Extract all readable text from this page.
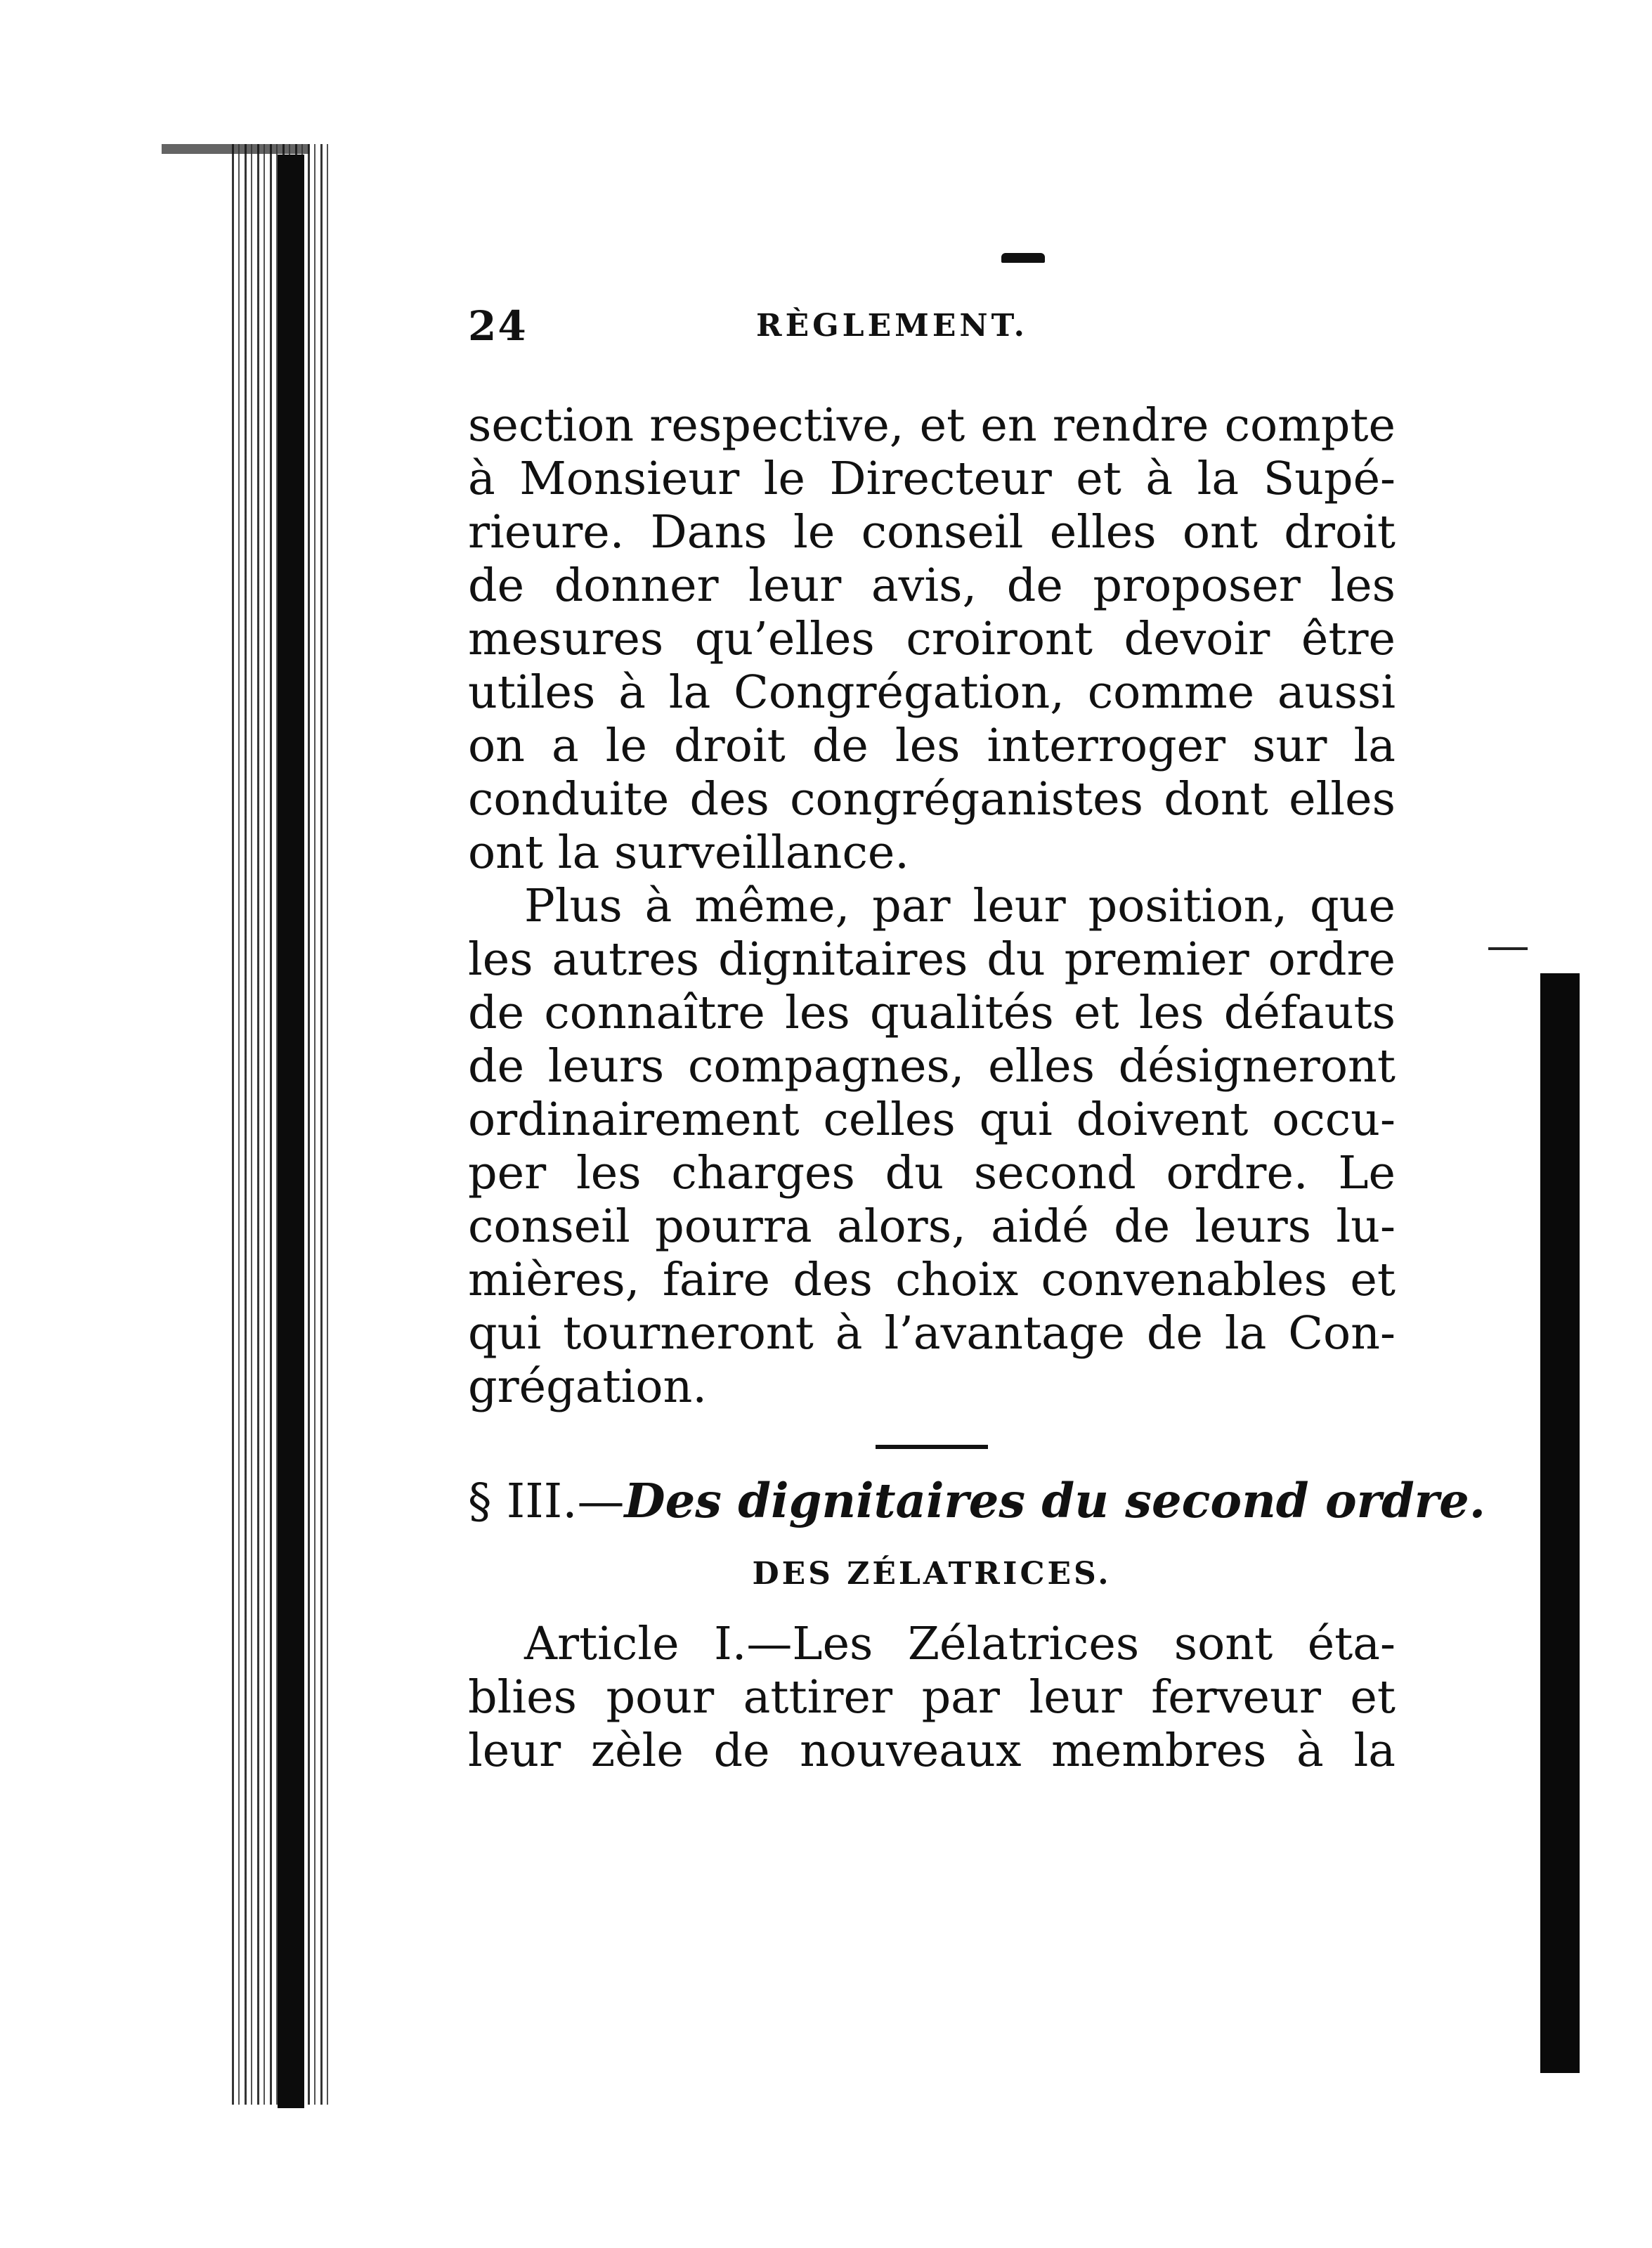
24	RÈGLEMENT.
section respective, et en rendre compte
à Monsieur le Directeur et à la Supé-
rieure. Dans le conseil elles ont droit
de donner leur avis, de proposer les
mesures qu’elles croiront devoir être
utiles à la Congrégation, comme aussi
on a le droit de les interroger sur la
conduite des congréganistes dont elles
ont la surveillance.
Plus à même, par leur position, que
les autres dignitaires du premier ordre
de connaître les qualités et les défauts
de leurs compagnes, elles désigneront
ordinairement celles qui doivent occu-
per les charges du second ordre. Le
conseil pourra alors, aidé de leurs lu-
mières, faire des choix convenables et
qui tourneront à l’avantage de la Con-
grégation.
§ III.—Des dignitaires du second ordre.
DES ZÉLATRICES.
Article I.—Les Zélatrices sont éta-
blies pour attirer par leur ferveur et
leur zèle de nouveaux membres à la
